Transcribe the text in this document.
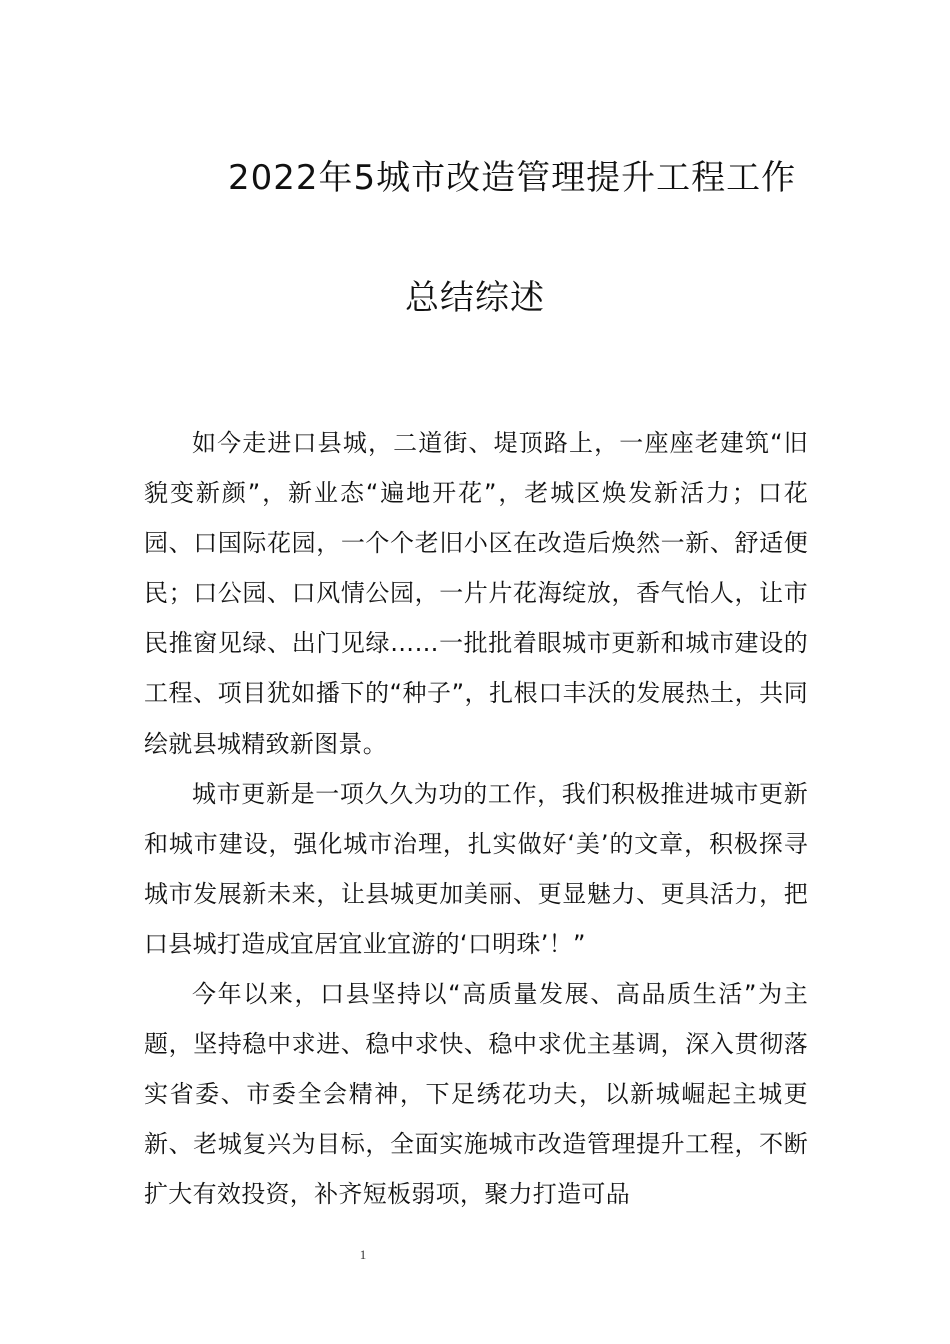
2022年5城市改造管理提升工程工作
总结综述

如今走进口县城，二道街、堤顶路上，一座座老建筑“旧貌变新颜”，新业态“遍地开花”，老城区焕发新活力；口花园、口国际花园，一个个老旧小区在改造后焕然一新、舒适便民；口公园、口风情公园，一片片花海绽放，香气怡人，让市民推窗见绿、出门见绿……一批批着眼城市更新和城市建设的工程、项目犹如播下的“种子”，扎根口丰沃的发展热土，共同绘就县城精致新图景。

城市更新是一项久久为功的工作，我们积极推进城市更新和城市建设，强化城市治理，扎实做好‘美’的文章，积极探寻城市发展新未来，让县城更加美丽、更显魅力、更具活力，把口县城打造成宜居宜业宜游的‘口明珠’！”

今年以来，口县坚持以“高质量发展、高品质生活”为主题，坚持稳中求进、稳中求快、稳中求优主基调，深入贯彻落实省委、市委全会精神，下足绣花功夫，以新城崛起主城更新、老城复兴为目标，全面实施城市改造管理提升工程，不断扩大有效投资，补齐短板弱项，聚力打造可品

1
